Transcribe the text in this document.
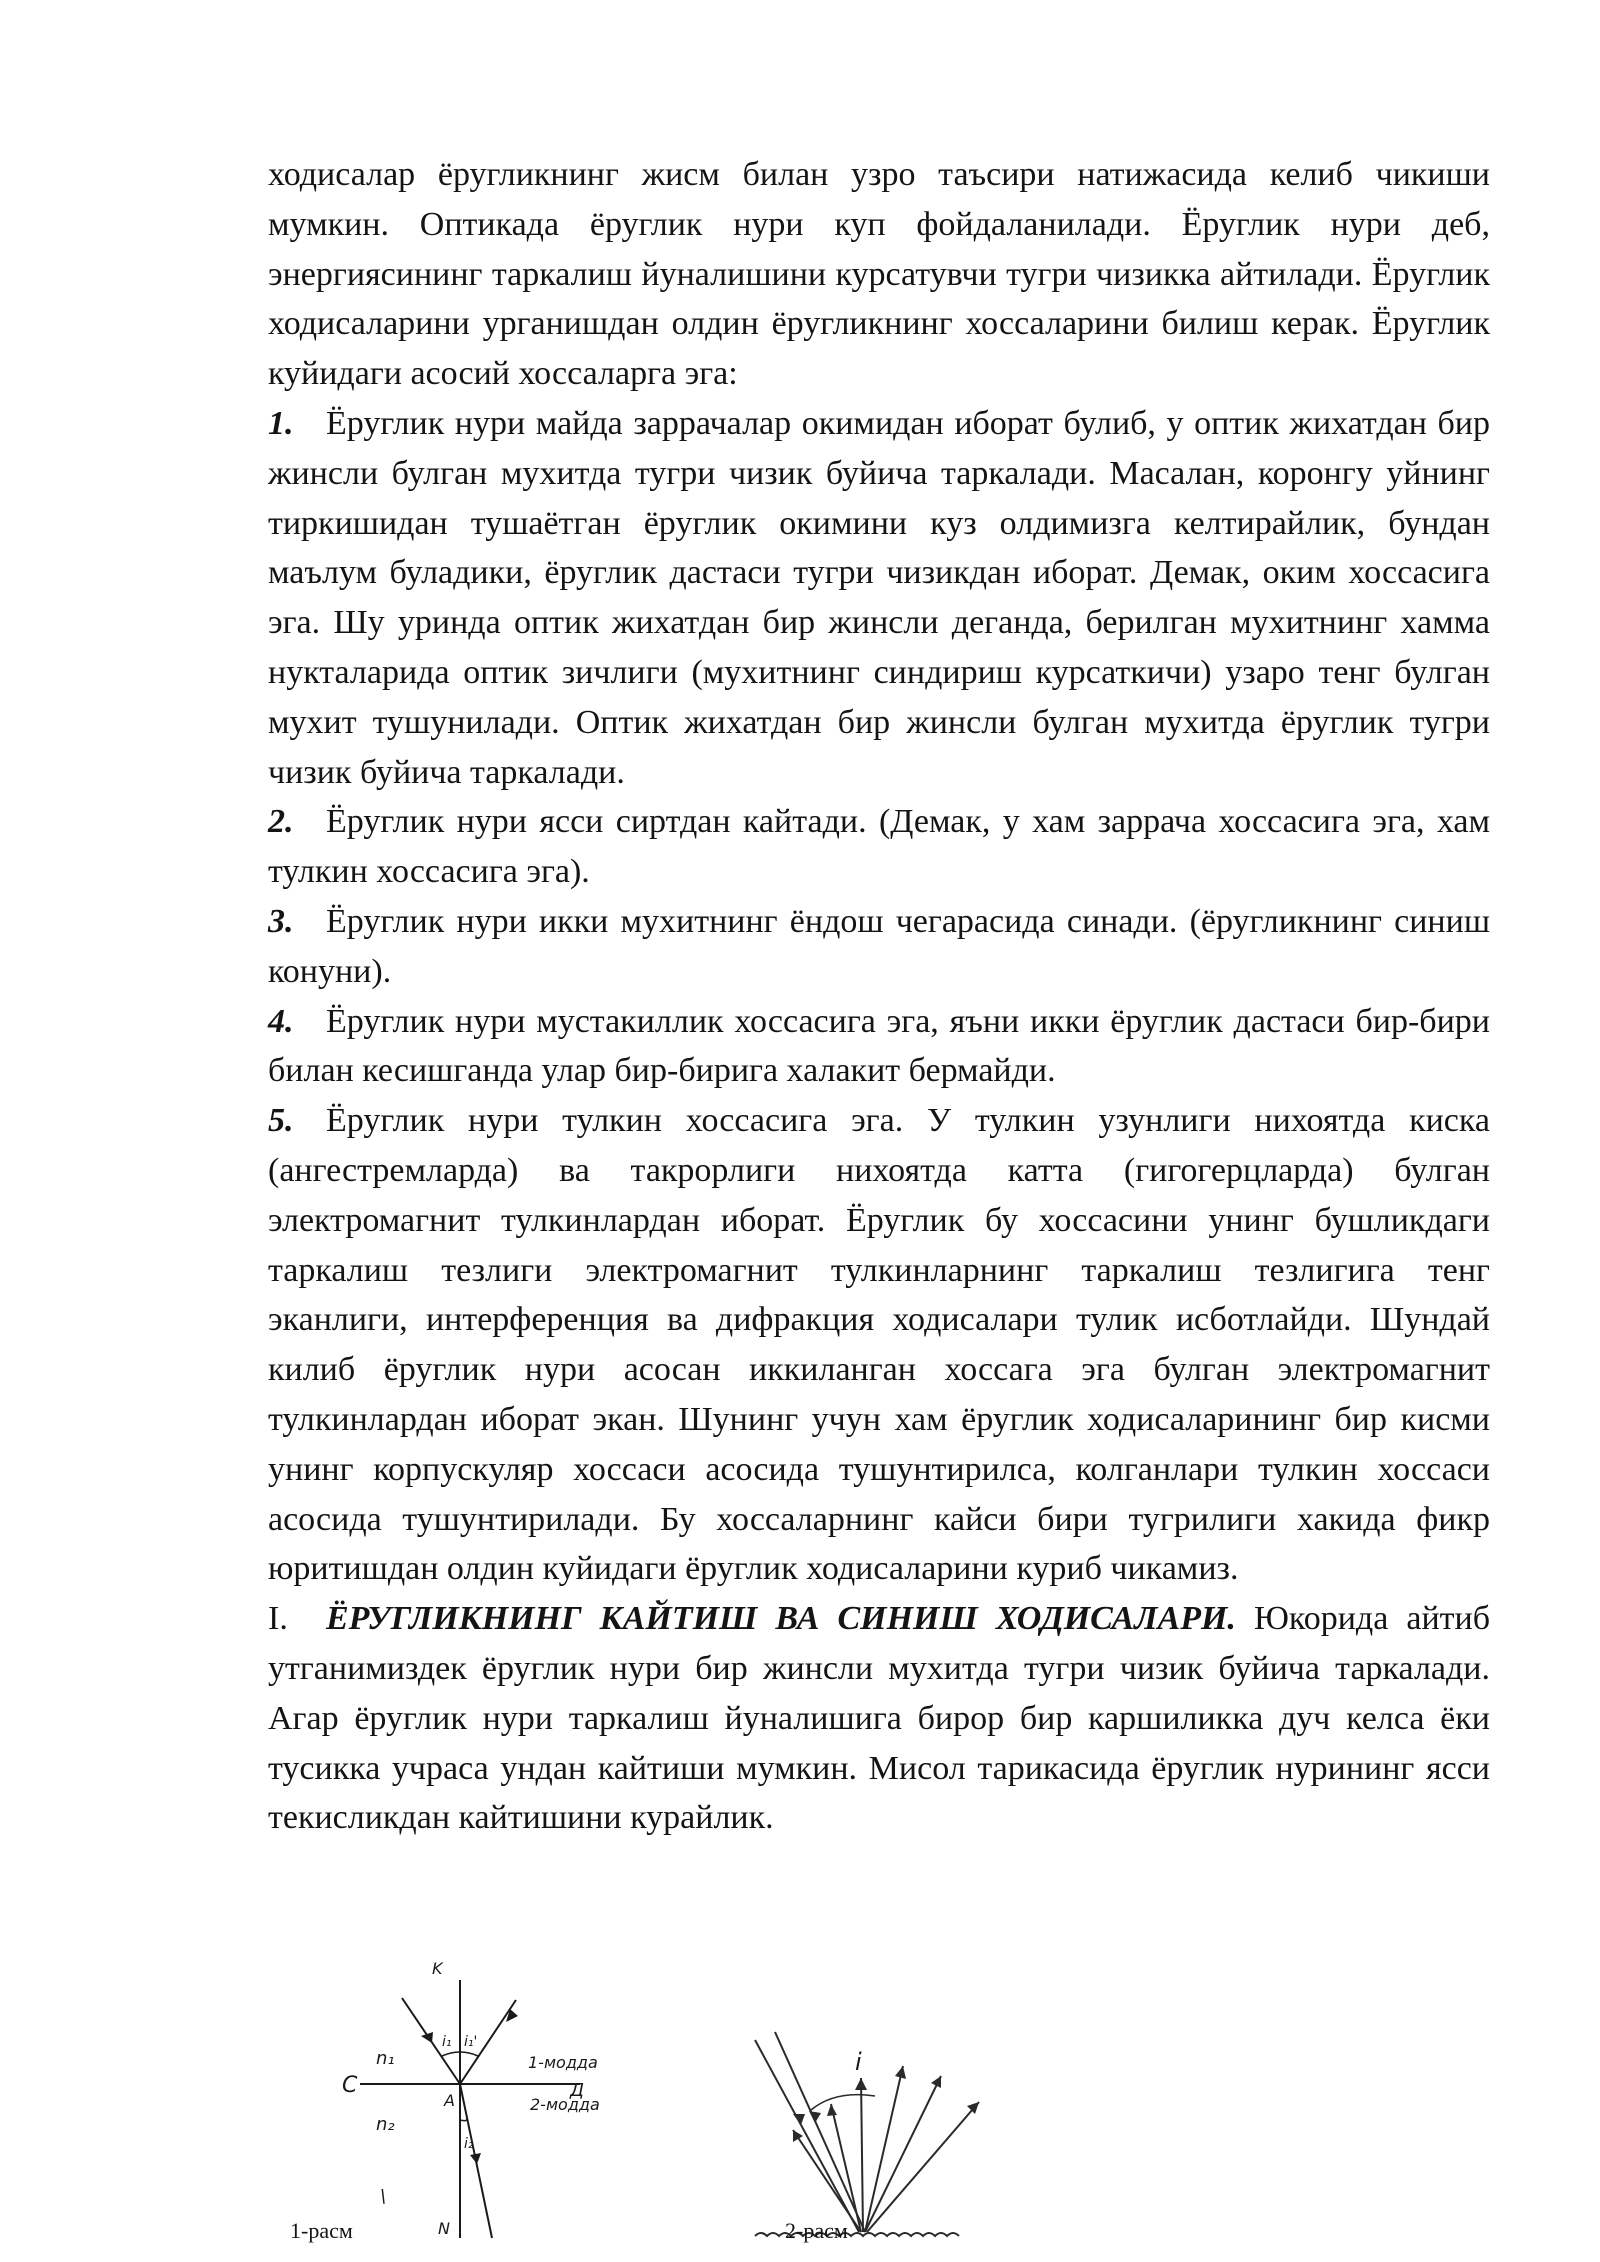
ходисалар ёругликнинг жисм билан узро таъсири натижасида келиб чикиши мумкин. Оптикада ёруглик нури куп фойдаланилади. Ёруглик нури деб, энергиясининг таркалиш йуналишини курсатувчи тугри чизикка айтилади. Ёруглик ходисаларини урганишдан олдин ёругликнинг хоссаларини билиш керак. Ёруглик куйидаги асосий хоссаларга эга:

1. Ёруглик нури майда заррачалар окимидан иборат булиб, у оптик жихатдан бир жинсли булган мухитда тугри чизик буйича таркалади. Масалан, коронгу уйнинг тиркишидан тушаётган ёруглик окимини куз олдимизга келтирайлик, бундан маълум буладики, ёруглик дастаси тугри чизикдан иборат. Демак, оким хоссасига эга. Шу уринда оптик жихатдан бир жинсли деганда, берилган мухитнинг хамма нукталарида оптик зичлиги (мухитнинг синдириш курсаткичи) узаро тенг булган мухит тушунилади. Оптик жихатдан бир жинсли булган мухитда ёруглик тугри чизик буйича таркалади.

2. Ёруглик нури ясси сиртдан кайтади. (Демак, у хам заррача хоссасига эга, хам тулкин хоссасига эга).

3. Ёруглик нури икки мухитнинг ёндош чегарасида синади. (ёругликнинг синиш конуни).

4. Ёруглик нури мустакиллик хоссасига эга, яъни икки ёруглик дастаси бир-бири билан кесишганда улар бир-бирига халакит бермайди.

5. Ёруглик нури тулкин хоссасига эга. У тулкин узунлиги нихоятда киска (ангестремларда) ва такрорлиги нихоятда катта (гигогерцларда) булган электромагнит тулкинлардан иборат. Ёруглик бу хоссасини унинг бушликдаги таркалиш тезлиги электромагнит тулкинларнинг таркалиш тезлигига тенг эканлиги, интерференция ва дифракция ходисалари тулик исботлайди. Шундай килиб ёруглик нури асосан иккиланган хоссага эга булган электромагнит тулкинлардан иборат экан. Шунинг учун хам ёруглик ходисаларининг бир кисми унинг корпускуляр хоссаси асосида тушунтирилса, колганлари тулкин хоссаси асосида тушунтирилади. Бу хоссаларнинг кайси бири тугрилиги хакида фикр юритишдан олдин куйидаги ёруглик ходисаларини куриб чикамиз.

I. ЁРУГЛИКНИНГ КАЙТИШ ВА СИНИШ ХОДИСАЛАРИ. Юкорида айтиб утганимиздек ёруглик нури бир жинсли мухитда тугри чизик буйича таркалади. Агар ёруглик нури таркалиш йуналишига бирор бир каршиликка дуч келса ёки тусикка учраса ундан кайтиши мумкин. Мисол тарикасида ёруглик нурининг ясси текисликдан кайтишини курайлик.

K
N
A
C	Д
n₁
n₂
i₁ i₁'
i₂
1-модда
2-модда
\
i
1-расм	2-расм
